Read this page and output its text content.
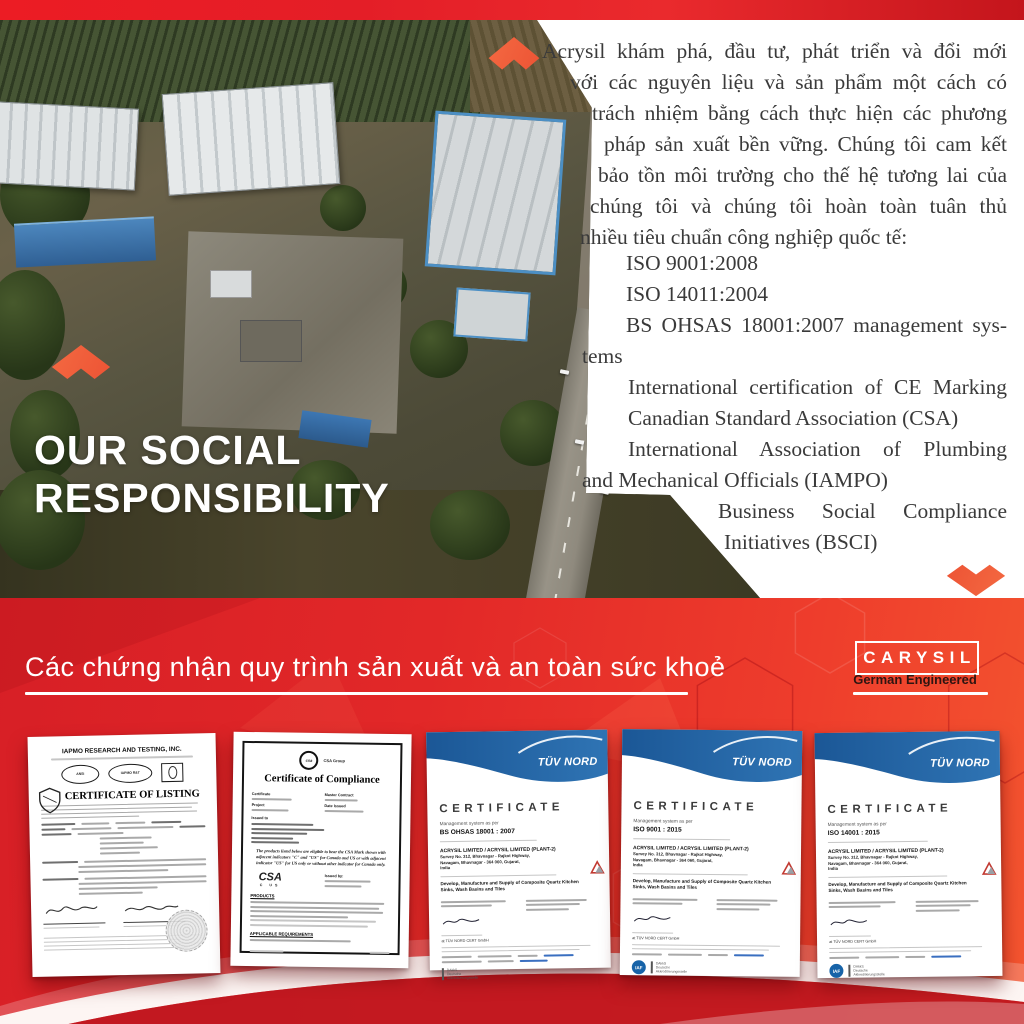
OUR SOCIAL
RESPONSIBILITY
Acrysil khám phá, đầu tư, phát triển và đổi mới
với các nguyên liệu và sản phẩm một cách có
trách nhiệm bằng cách thực hiện các phương
pháp sản xuất bền vững. Chúng tôi cam kết
bảo tồn môi trường cho thế hệ tương lai của
chúng tôi và chúng tôi hoàn toàn tuân thủ
nhiều tiêu chuẩn công nghiệp quốc tế:
ISO 9001:2008
ISO 14011:2004
BS OHSAS 18001:2007 management sys-
tems
International certification of CE Marking
Canadian Standard Association (CSA)
International Association of Plumbing
and Mechanical Officials (IAMPO)
Business Social Compliance
Initiatives (BSCI)
Các chứng nhận quy trình sản xuất và an toàn sức khoẻ	CARYSIL
German Engineered
IAPMO RESEARCH AND TESTING, INC.
ANSI	IAPMO R&T
CERTIFICATE OF LISTING
csa	CSA Group
Certificate of Compliance
Certificate
Project
Master Contract
Date Issued
Issued to
The products listed below are eligible to bear the CSA Mark shown with adjacent indicators "C" and "US" for Canada and US or with adjacent indicator "US" for US only or without other indicator for Canada only.
CSA
C US
Issued by:
PRODUCTS
APPLICABLE REQUIREMENTS
TÜV NORD
CERTIFICATE
Management system as per
BS OHSAS 18001 : 2007
ACRYSIL LIMITED / ACRYSIL LIMITED (PLANT-2)
Survey No. 312, Bhavnagar - Rajkot Highway,
Navagam, Bhavnagar - 364 060, Gujarat,
India
Develop, Manufacture and Supply of Composite Quartz Kitchen Sinks, Wash Basins and Tiles
at TÜV NORD CERT GmbH
DAkkS
Deutsche
Akkreditierungsstelle
TÜV NORD
CERTIFICATE
Management system as per
ISO 9001 : 2015
ACRYSIL LIMITED / ACRYSIL LIMITED (PLANT-2)
Survey No. 312, Bhavnagar - Rajkot Highway,
Navagam, Bhavnagar - 364 060, Gujarat,
India
Develop, Manufacture and Supply of Composite Quartz Kitchen Sinks, Wash Basins and Tiles
at TÜV NORD CERT GmbH
IAF
DAkkS
Deutsche
Akkreditierungsstelle
TÜV NORD
CERTIFICATE
Management system as per
ISO 14001 : 2015
ACRYSIL LIMITED / ACRYSIL LIMITED (PLANT-2)
Survey No. 312, Bhavnagar - Rajkot Highway,
Navagam, Bhavnagar - 364 060, Gujarat,
India
Develop, Manufacture and Supply of Composite Quartz Kitchen Sinks, Wash Basins and Tiles
at TÜV NORD CERT GmbH
IAF
DAkkS
Deutsche
Akkreditierungsstelle
